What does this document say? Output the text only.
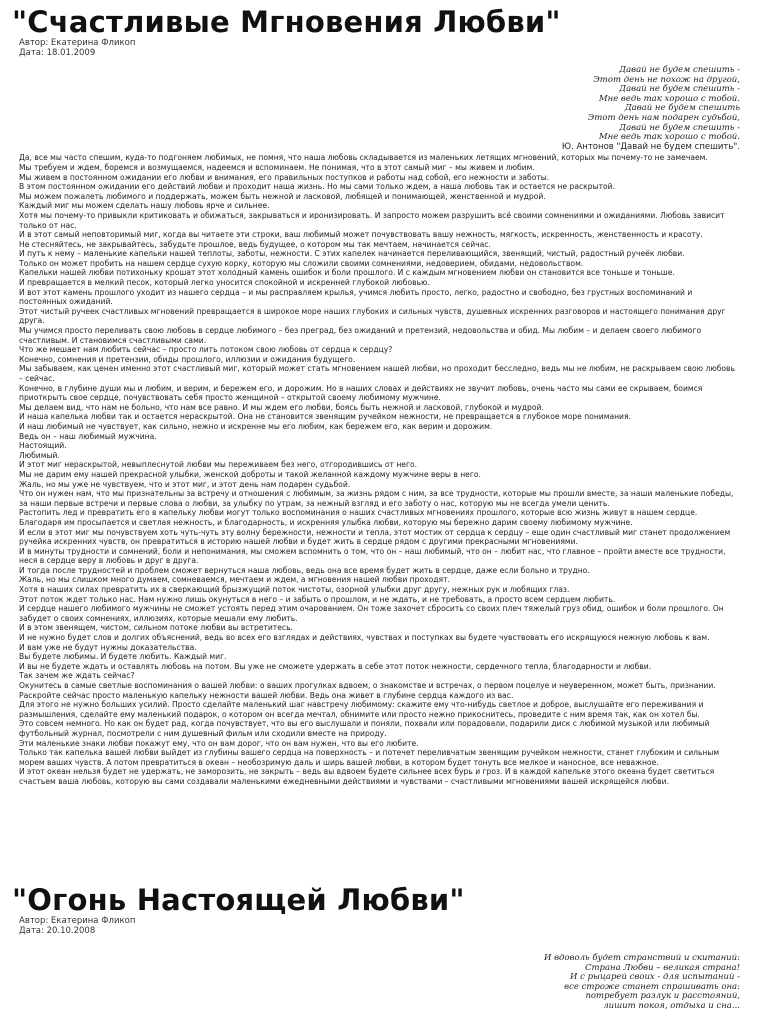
"Счастливые Мгновения Любви"
Автор: Екатерина Фликоп
Дата: 18.01.2009
Давай не будем спешить -
Этот день не похож на другой,
Давай не будем спешить -
Мне ведь так хорошо с тобой.
Давай не будем спешить
Этот день нам подарен судьбой,
Давай не будем спешить -
Мне ведь так хорошо с тобой.
Ю. Антонов "Давай не будем спешить".

Да, все мы часто спешим, куда-то подгоняем любимых, не помня, что наша любовь складывается из маленьких летящих мгновений, которых мы почему-то не замечаем.

Мы требуем и ждем, боремся и возмущаемся, надеемся и вспоминаем. Не понимая, что в этот самый миг – мы живем и любим.

Мы живем в постоянном ожидании его любви и внимания, его правильных поступков и работы над собой, его нежности и заботы.

В этом постоянном ожидании его действий любви и проходит наша жизнь. Но мы сами только ждем, а наша любовь так и остается не раскрытой.

Мы можем пожалеть любимого и поддержать, можем быть нежной и ласковой, любящей и понимающей, женственной и мудрой.

Каждый миг мы можем сделать нашу любовь ярче и сильнее.

Хотя мы почему-то привыкли критиковать и обижаться, закрываться и иронизировать. И запросто можем разрушить всё своими сомнениями и ожиданиями. Любовь зависит только от нас.

И в этот самый неповторимый миг, когда вы читаете эти строки, ваш любимый может почувствовать вашу нежность, мягкость, искренность, женственность и красоту.

Не стесняйтесь, не закрывайтесь, забудьте прошлое, ведь будущее, о котором мы так мечтаем, начинается сейчас.

И путь к нему – маленькие капельки нашей теплоты, заботы, нежности. С этих капелек начинается переливающийся, звенящий, чистый, радостный ручеёк любви.

Только он может пробить на нашем сердце сухую корку, которую мы сложили своими сомнениями, недоверием, обидами, недовольством.

Капельки нашей любви потихоньку крошат этот холодный камень ошибок и боли прошлого. И с каждым мгновением любви он становится все тоньше и тоньше.

И превращается в мелкий песок, который легко уносится спокойной и искренней глубокой любовью.

И вот этот камень прошлого уходит из нашего сердца – и мы расправляем крылья, учимся любить просто, легко, радостно и свободно, без грустных воспоминаний и постоянных ожиданий.

Этот чистый ручеек счастливых мгновений превращается в широкое море наших глубоких и сильных чувств, душевных искренних разговоров и настоящего понимания друг друга.

Мы учимся просто переливать свою любовь в сердце любимого – без преград, без ожиданий и претензий, недовольства и обид. Мы любим – и делаем своего любимого счастливым. И становимся счастливыми сами.

Что же мешает нам любить сейчас – просто лить потоком свою любовь от сердца к сердцу?

Конечно, сомнения и претензии, обиды прошлого, иллюзии и ожидания будущего.

Мы забываем, как ценен именно этот счастливый миг, который может стать мгновением нашей любви, но проходит бесследно, ведь мы не любим, не раскрываем свою любовь – сейчас.

Конечно, в глубине души мы и любим, и верим, и бережем его, и дорожим. Но в наших словах и действиях не звучит любовь, очень часто мы сами ее скрываем, боимся приоткрыть свое сердце, почувствовать себя просто женщиной – открытой своему любимому мужчине.

Мы делаем вид, что нам не больно, что нам все равно. И мы ждем его любви, боясь быть нежной и ласковой, глубокой и мудрой.

И наша капелька любви так и остается нераскрытой. Она не становится звенящим ручейком нежности, не превращается в глубокое море понимания.

И наш любимый не чувствует, как сильно, нежно и искренне мы его любим, как бережем его, как верим и дорожим.

Ведь он – наш любимый мужчина.

Настоящий.

Любимый.

И этот миг нераскрытой, невыплеснутой любви мы переживаем без него, отгородившись от него.

Мы не дарим ему нашей прекрасной улыбки, женской доброты и такой желанной каждому мужчине веры в него.

Жаль, но мы уже не чувствуем, что и этот миг, и этот день нам подарен судьбой.

Что он нужен нам, что мы признательны за встречу и отношения с любимым, за жизнь рядом с ним, за все трудности, которые мы прошли вместе, за наши маленькие победы, за наши первые встречи и первые слова о любви, за улыбку по утрам, за нежный взгляд и его заботу о нас, которую мы не всегда умели ценить.

Растопить лед и превратить его в капельку любви могут только воспоминания о наших счастливых мгновениях прошлого, которые всю жизнь живут в нашем сердце.

Благодаря им просыпается и светлая нежность, и благодарность, и искренняя улыбка любви, которую мы бережно дарим своему любимому мужчине.

И если в этот миг мы почувствуем хоть чуть-чуть эту волну бережности, нежности и тепла, этот мостик от сердца к сердцу – еще один счастливый миг станет продолжением ручейка искренних чувств, он превратиться в историю нашей любви и будет жить в сердце рядом с другими прекрасными мгновениями.

И в минуты трудности и сомнений, боли и непонимания, мы сможем вспомнить о том, что он – наш любимый, что он – любит нас, что главное – пройти вместе все трудности, неся в сердце веру в любовь и друг в друга.

И тогда после трудностей и проблем сможет вернуться наша любовь, ведь она все время будет жить в сердце, даже если больно и трудно.

Жаль, но мы слишком много думаем, сомневаемся, мечтаем и ждем, а мгновения нашей любви проходят.

Хотя в наших силах превратить их в сверкающий брызжущий поток чистоты, озорной улыбки друг другу, нежных рук и любящих глаз.

Этот поток ждет только нас. Нам нужно лишь окунуться в него – и забыть о прошлом, и не ждать, и не требовать, а просто всем сердцем любить.

И сердце нашего любимого мужчины не сможет устоять перед этим очарованием. Он тоже захочет сбросить со своих плеч тяжелый груз обид, ошибок и боли прошлого. Он забудет о своих сомнениях, иллюзиях, которые мешали ему любить.

И в этом звенящем, чистом, сильном потоке любви вы встретитесь.

И не нужно будет слов и долгих объяснений, ведь во всех его взглядах и действиях, чувствах и поступках вы будете чувствовать его искрящуюся нежную любовь к вам.

И вам уже не будут нужны доказательства.

Вы будете любимы. И будете любить. Каждый миг.

И вы не будете ждать и оставлять любовь на потом. Вы уже не сможете удержать в себе этот поток нежности, сердечного тепла, благодарности и любви.

Так зачем же ждать сейчас?

Окунитесь в самые светлые воспоминания о вашей любви: о ваших прогулках вдвоем, о знакомстве и встречах, о первом поцелуе и неуверенном, может быть, признании.

Раскройте сейчас просто маленькую капельку нежности вашей любви. Ведь она живет в глубине сердца каждого из вас.

Для этого не нужно больших усилий. Просто сделайте маленький шаг навстречу любимому: скажите ему что-нибудь светлое и доброе, выслушайте его переживания и размышления, сделайте ему маленький подарок, о котором он всегда мечтал, обнимите или просто нежно прикоснитесь, проведите с ним время так, как он хотел бы.

Это совсем немного. Но как он будет рад, когда почувствует, что вы его выслушали и поняли, похвали или порадовали, подарили диск с любимой музыкой или любимый футбольный журнал, посмотрели с ним душевный фильм или сходили вместе на природу.

Эти маленькие знаки любви покажут ему, что он вам дорог, что он вам нужен, что вы его любите.

Только так капелька вашей любви выйдет из глубины вашего сердца на поверхность – и потечет переливчатым звенящим ручейком нежности, станет глубоким и сильным морем ваших чувств. А потом превратиться в океан – необозримую даль и ширь вашей любви, в котором будет тонуть все мелкое и наносное, все неважное.

И этот океан нельзя будет не удержать, не заморозить, не закрыть – ведь вы вдвоем будете сильнее всех бурь и гроз. И в каждой капельке этого океана будет светиться счастьем ваша любовь, которую вы сами создавали маленькими ежедневными действиями и чувствами – счастливыми мгновениями вашей искрящейся любви.

"Огонь Настоящей Любви"
Автор: Екатерина Фликоп
Дата: 20.10.2008
И вдоволь будет странствий и скитаний:
Страна Любви – великая страна!
И с рыцарей своих - для испытаний -
все строже станет спрашивать она:
потребует разлук и расстояний,
лишит покоя, отдыха и сна...
